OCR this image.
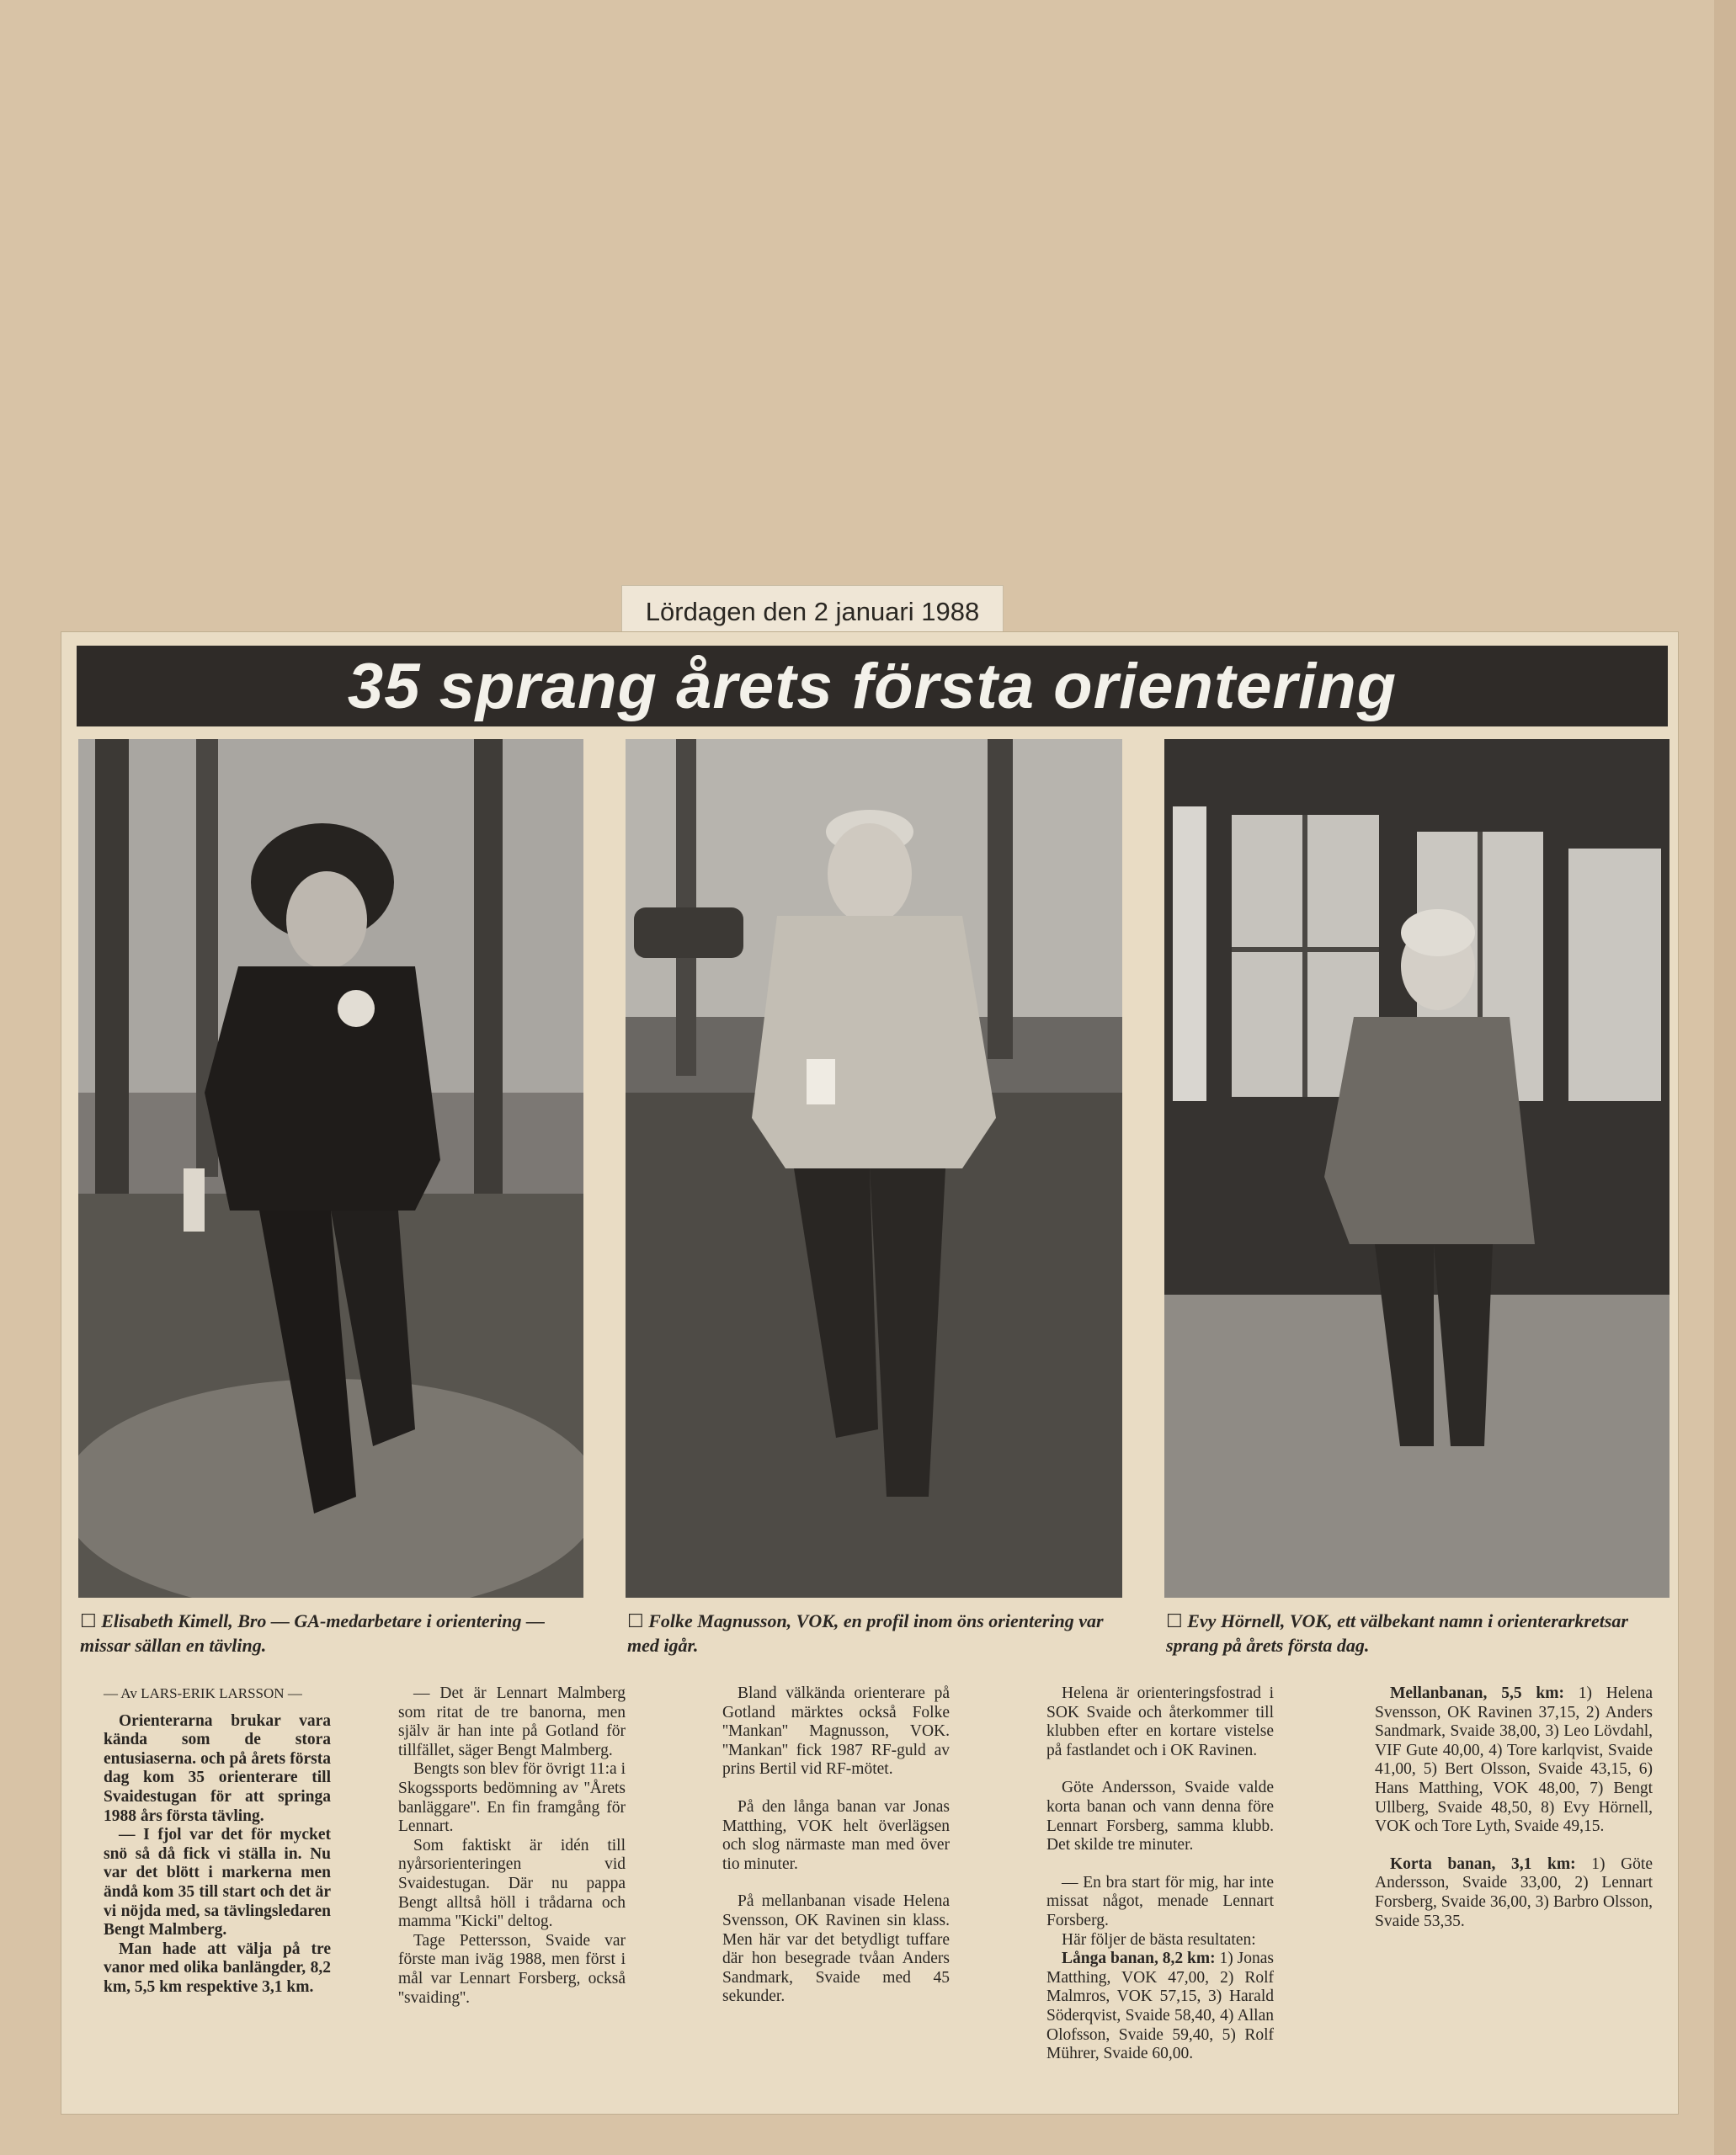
Lördagen den 2 januari 1988
35 sprang årets första orientering
☐ Elisabeth Kimell, Bro — GA-medarbetare i orientering — missar sällan en tävling.
☐ Folke Magnusson, VOK, en profil inom öns orientering var med igår.
☐ Evy Hörnell, VOK, ett välbekant namn i orienterarkretsar sprang på årets första dag.

— Av LARS-ERIK LARSSON —

Orienterarna brukar vara kända som de stora entusiaserna. och på årets första dag kom 35 orienterare till Svaidestugan för att springa 1988 års första tävling.

— I fjol var det för mycket snö så då fick vi ställa in. Nu var det blött i markerna men ändå kom 35 till start och det är vi nöjda med, sa tävlingsledaren Bengt Malmberg.

Man hade att välja på tre vanor med olika banlängder, 8,2 km, 5,5 km respektive 3,1 km.

— Det är Lennart Malmberg som ritat de tre banorna, men själv är han inte på Gotland för tillfället, säger Bengt Malmberg.

Bengts son blev för övrigt 11:a i Skogssports bedömning av ''Årets banläggare''. En fin framgång för Lennart.

Som faktiskt är idén till nyårsorienteringen vid Svaidestugan. Där nu pappa Bengt alltså höll i trådarna och mamma ''Kicki'' deltog.

Tage Pettersson, Svaide var förste man iväg 1988, men först i mål var Lennart Forsberg, också ''svaiding''.

Bland välkända orienterare på Gotland märktes också Folke ''Mankan'' Magnusson, VOK. ''Mankan'' fick 1987 RF-guld av prins Bertil vid RF-mötet.

På den långa banan var Jonas Matthing, VOK helt överlägsen och slog närmaste man med över tio minuter.

På mellanbanan visade Helena Svensson, OK Ravinen sin klass. Men här var det betydligt tuffare där hon besegrade tvåan Anders Sandmark, Svaide med 45 sekunder.

Helena är orienteringsfostrad i SOK Svaide och återkommer till klubben efter en kortare vistelse på fastlandet och i OK Ravinen.

Göte Andersson, Svaide valde korta banan och vann denna före Lennart Forsberg, samma klubb. Det skilde tre minuter.

— En bra start för mig, har inte missat något, menade Lennart Forsberg.

Här följer de bästa resultaten:

Långa banan, 8,2 km: 1) Jonas Matthing, VOK 47,00, 2) Rolf Malmros, VOK 57,15, 3) Harald Söderqvist, Svaide 58,40, 4) Allan Olofsson, Svaide 59,40, 5) Rolf Mührer, Svaide 60,00.

Mellanbanan, 5,5 km: 1) Helena Svensson, OK Ravinen 37,15, 2) Anders Sandmark, Svaide 38,00, 3) Leo Lövdahl, VIF Gute 40,00, 4) Tore karlqvist, Svaide 41,00, 5) Bert Olsson, Svaide 43,15, 6) Hans Matthing, VOK 48,00, 7) Bengt Ullberg, Svaide 48,50, 8) Evy Hörnell, VOK och Tore Lyth, Svaide 49,15.

Korta banan, 3,1 km: 1) Göte Andersson, Svaide 33,00, 2) Lennart Forsberg, Svaide 36,00, 3) Barbro Olsson, Svaide 53,35.
